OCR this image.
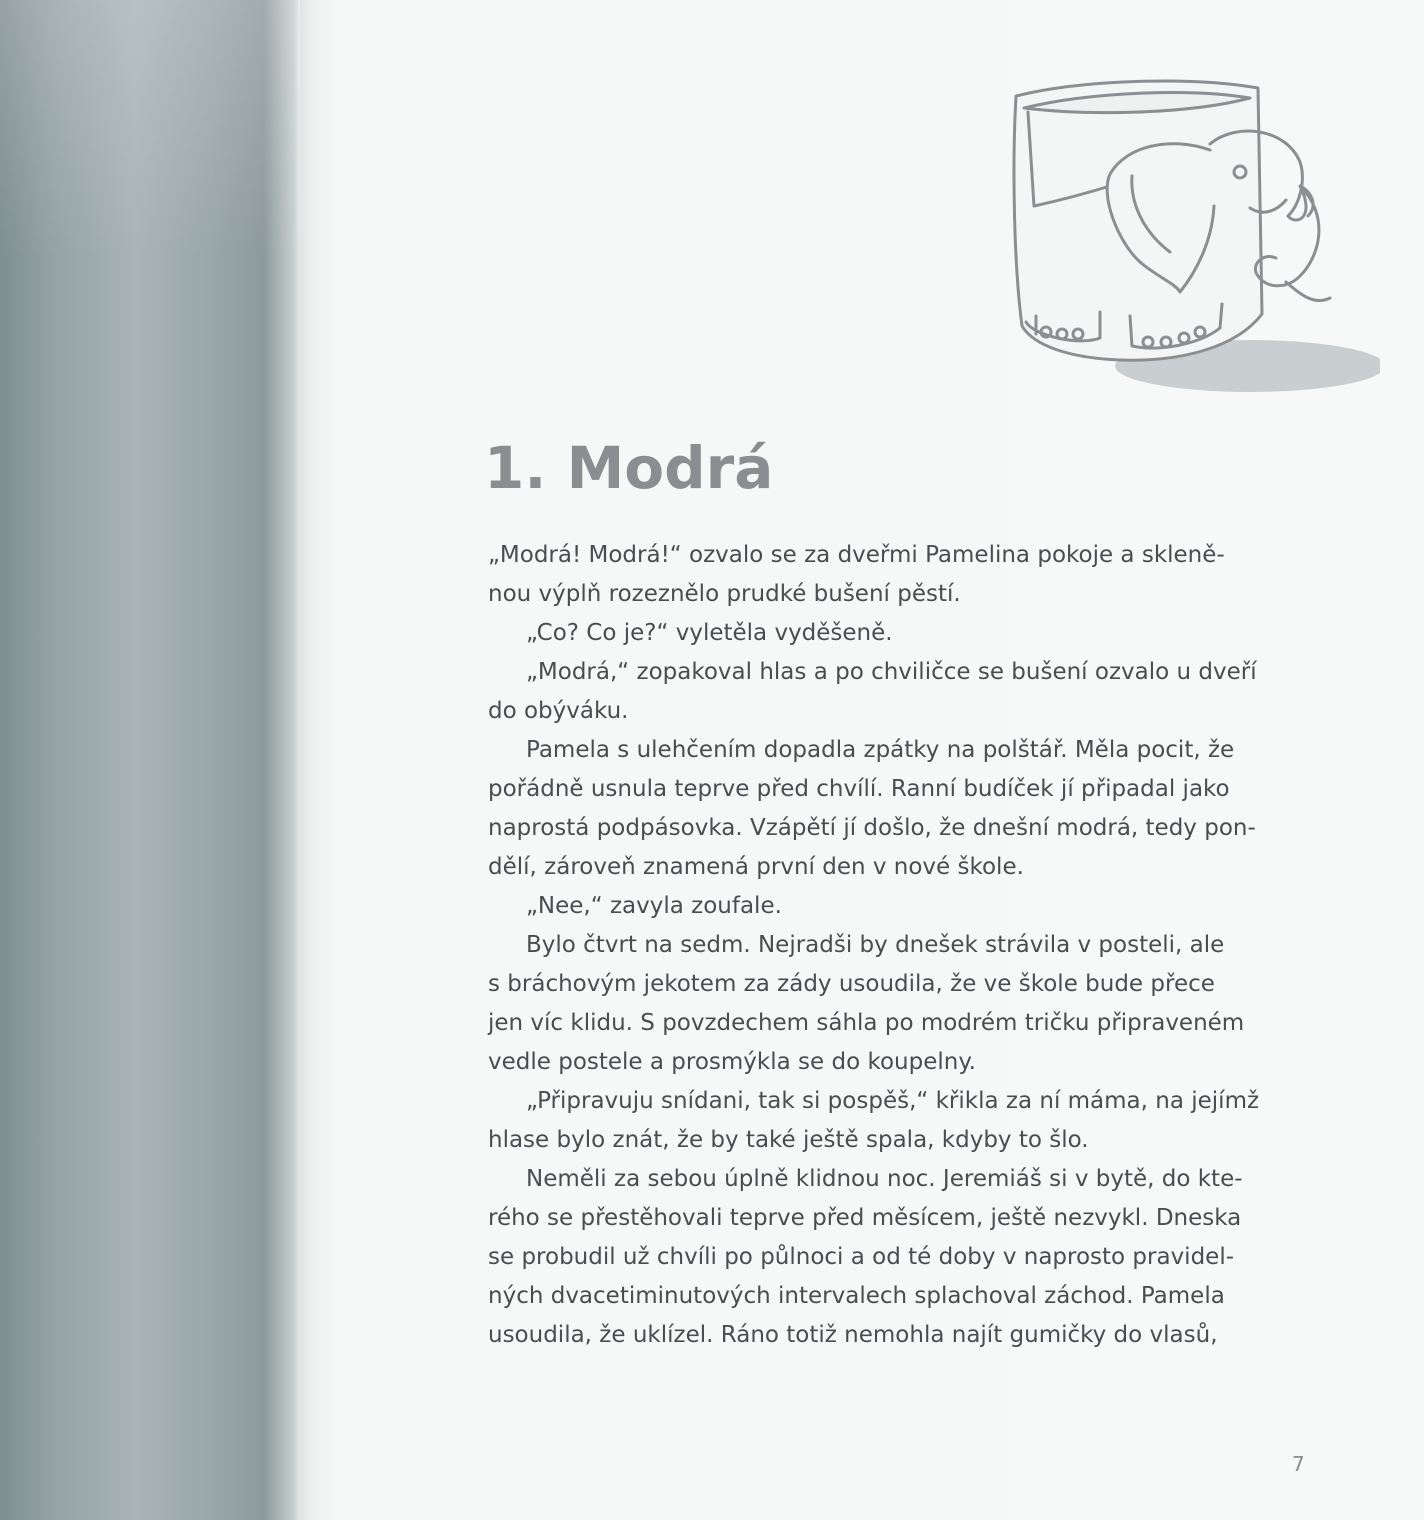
1. Modrá

„Modrá! Modrá!“ ozvalo se za dveřmi Pamelina pokoje a skleně-

nou výplň rozeznělo prudké bušení pěstí.

„Co? Co je?“ vyletěla vyděšeně.

„Modrá,“ zopakoval hlas a po chviličce se bušení ozvalo u dveří

do obýváku.

Pamela s ulehčením dopadla zpátky na polštář. Měla pocit, že

pořádně usnula teprve před chvílí. Ranní budíček jí připadal jako

naprostá podpásovka. Vzápětí jí došlo, že dnešní modrá, tedy pon-

dělí, zároveň znamená první den v nové škole.

„Nee,“ zavyla zoufale.

Bylo čtvrt na sedm. Nejradši by dnešek strávila v posteli, ale

s bráchovým jekotem za zády usoudila, že ve škole bude přece

jen víc klidu. S povzdechem sáhla po modrém tričku připraveném

vedle postele a prosmýkla se do koupelny.

„Připravuju snídani, tak si pospěš,“ křikla za ní máma, na jejímž

hlase bylo znát, že by také ještě spala, kdyby to šlo.

Neměli za sebou úplně klidnou noc. Jeremiáš si v bytě, do kte-

rého se přestěhovali teprve před měsícem, ještě nezvykl. Dneska

se probudil už chvíli po půlnoci a od té doby v naprosto pravidel-

ných dvacetiminutových intervalech splachoval záchod. Pamela

usoudila, že uklízel. Ráno totiž nemohla najít gumičky do vlasů,

7
